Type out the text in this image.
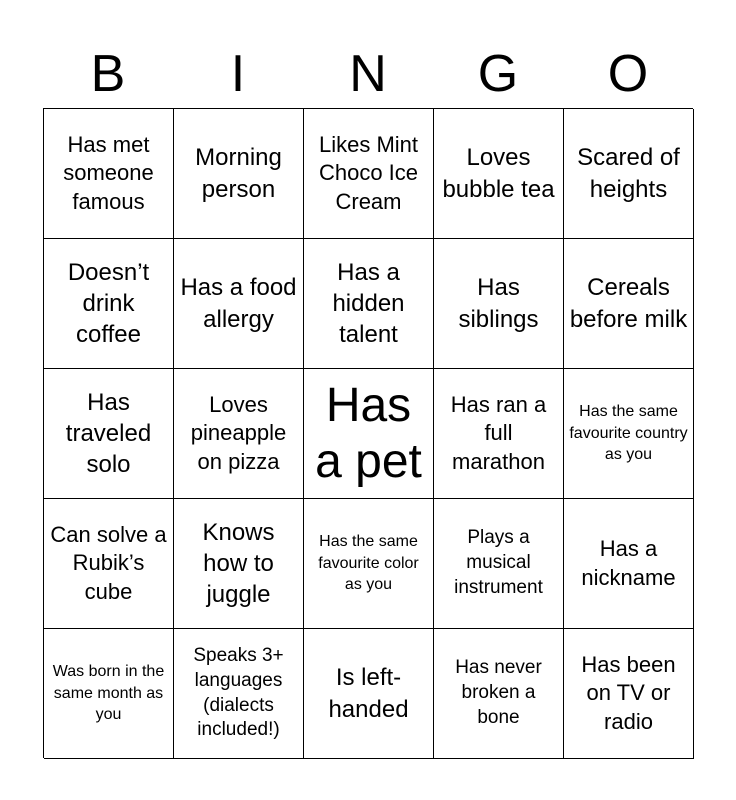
B	I	N	G	O
Has met someone famous
Morning person
Likes Mint Choco Ice Cream
Loves bubble tea
Scared of heights
Doesn’t drink coffee
Has a food allergy
Has a hidden talent
Has siblings
Cereals before milk
Has traveled solo
Loves pineapple on pizza
Has a pet
Has ran a full marathon
Has the same favourite country as you
Can solve a Rubik’s cube
Knows how to juggle
Has the same favourite color as you
Plays a musical instrument
Has a nickname
Was born in the same month as you
Speaks 3+ languages (dialects included!)
Is left-handed
Has never broken a bone
Has been on TV or radio
